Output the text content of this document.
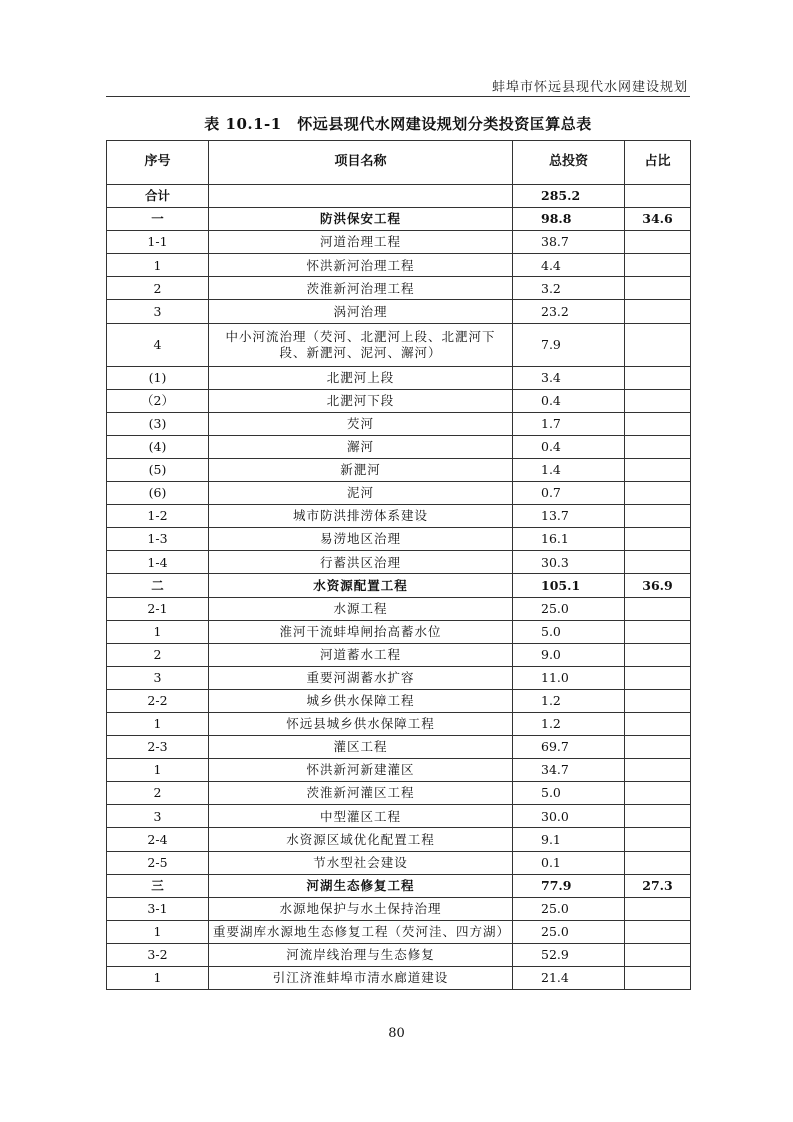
蚌埠市怀远县现代水网建设规划
表 10.1-1　怀远县现代水网建设规划分类投资匡算总表
序号	项目名称	总投资	占比
合计		285.2	
一	防洪保安工程	98.8	34.6
1-1	河道治理工程	38.7	
1	怀洪新河治理工程	4.4	
2	茨淮新河治理工程	3.2	
3	涡河治理	23.2	
4	中小河流治理（芡河、北淝河上段、北淝河下段、新淝河、泥河、澥河）	7.9	
(1)	北淝河上段	3.4	
（2）	北淝河下段	0.4	
(3)	芡河	1.7	
(4)	澥河	0.4	
(5)	新淝河	1.4	
(6)	泥河	0.7	
1-2	城市防洪排涝体系建设	13.7	
1-3	易涝地区治理	16.1	
1-4	行蓄洪区治理	30.3	
二	水资源配置工程	105.1	36.9
2-1	水源工程	25.0	
1	淮河干流蚌埠闸抬高蓄水位	5.0	
2	河道蓄水工程	9.0	
3	重要河湖蓄水扩容	11.0	
2-2	城乡供水保障工程	1.2	
1	怀远县城乡供水保障工程	1.2	
2-3	灌区工程	69.7	
1	怀洪新河新建灌区	34.7	
2	茨淮新河灌区工程	5.0	
3	中型灌区工程	30.0	
2-4	水资源区域优化配置工程	9.1	
2-5	节水型社会建设	0.1	
三	河湖生态修复工程	77.9	27.3
3-1	水源地保护与水土保持治理	25.0	
1	重要湖库水源地生态修复工程（芡河洼、四方湖）	25.0	
3-2	河流岸线治理与生态修复	52.9	
1	引江济淮蚌埠市清水廊道建设	21.4	
80
